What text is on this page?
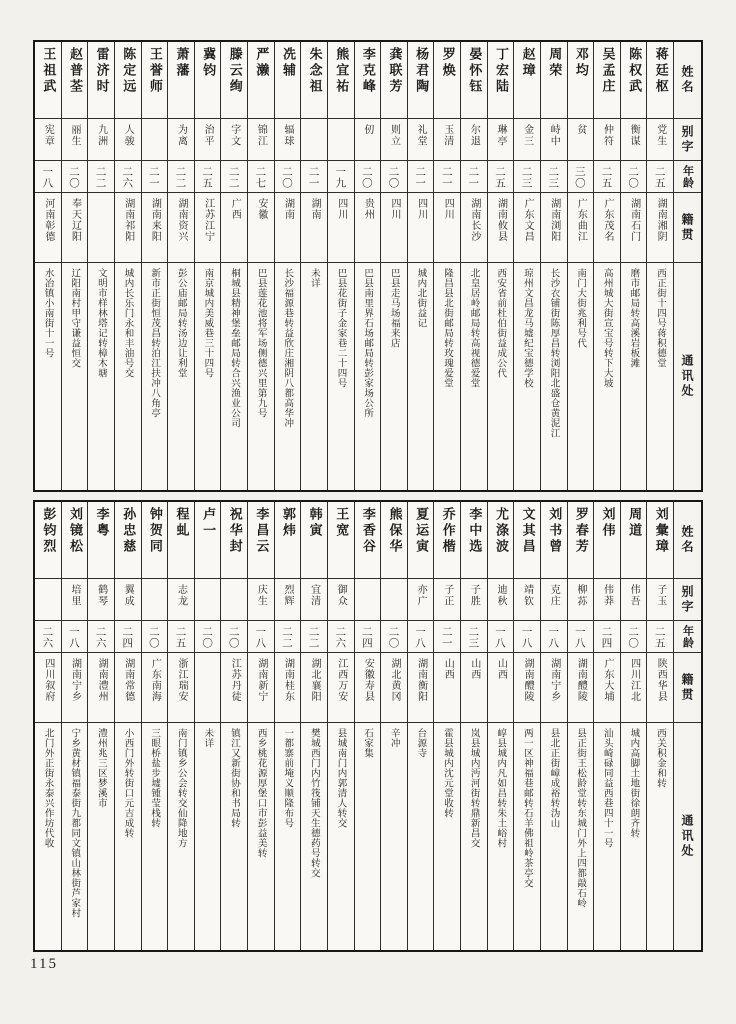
姓名
别字
年龄
籍贯
通讯处
蒋廷枢
党生
二五
湖南湘阴
西正街十四号蒋积德堂
陈权武
衡谋
二〇
湖南石门
磨市邮局转高溪岩板滩
吴孟庄
仲符
二五
广东茂名
高州城大街宣宝号转下大坡
邓均
贫
三〇
广东曲江
南门大街兆利号代
周荣
峙中
二三
湖南浏阳
长沙衣铺街陈厚昌转浏阳北盛仓黄泥江
赵璋
金三
二三
广东文昌
琼州文昌龙马墟纪宝德学校
丁宏陆
琳亭
二五
湖南攸县
西安省前杜伯街益成公代
晏怀钰
尔退
二一
湖南长沙
北皇居岭邮局转高视德爱堂
罗焕
玉清
二一
四川
隆昌县北街邮局转玫瑰爱堂
杨君陶
礼堂
二一
四川
城内北街益记
龚联芳
则立
二〇
四川
巴县走马场福来店
李克峰
仞
二〇
贵州
巴县南里界石场邮局转彭家场公所
熊宜祐
一九
四川
巴县花街子金家巷二十四号
朱念祖
二一
湖南
未详
冼辅
辐球
二〇
湖南
长沙福源巷转益欣庄湘阴八都高华冲
严濑
锦江
二七
安徽
巴县莲花池将军场侧德兴里第九号
滕云绚
字文
二二
广西
桐城县精神堡垒邮局转合兴渔业公司
冀钧
治平
二五
江苏江宁
南京城内美威巷三十四号
萧藩
为离
二二
湖南资兴
彭公庙邮局转汤边让利堂
王誉师
二一
湖南来阳
新市正街恒茂昌转泊江扶冲八角亭
陈定远
人骏
二六
湖南祁阳
城内长乐门永和丰油号交
雷济时
九洲
二二
文明市样林塔记转樟木塘
赵普荃
丽生
二〇
奉天辽阳
辽阳南村甲守谦益恒交
王祖武
宪章
一八
河南彰德
水冶镇小南街十一号
姓名
别字
年龄
籍贯
通讯处
刘彙璋
子玉
二五
陕西华县
西关积金和转
周道
伟吾
二〇
四川江北
城内高脚土地街徐朗齐转
刘伟
伟莽
二四
广东大埔
汕头崎碌同益西巷四十一号
罗春芳
柳荪
一八
湖南醴陵
县正街王松龄堂转东城门外上四都敲石岭
刘书曾
克庄
一八
湖南宁乡
县北正街嶂成裕转沩山
文其昌
靖钦
一八
湖南醴陵
两一区神福巷邮转石羊佛祖岭茶亭交
尤涤波
迪秋
一八
山西
崞县城内凡如昌转朱土峪村
李中选
子胜
二三
山西
岚县城内沔河街转鼎新昌交
乔作楷
子正
二一
山西
霍县城内沈元堂收转
夏运寅
亦广
一八
湖南衡阳
台源寺
熊保华
二〇
湖北黄冈
辛冲
李香谷
二四
安徽寿县
石家集
王宽
御众
二六
江西万安
县城南门内郭清人转交
韩寅
宜清
二二
湖北襄阳
樊城西门内竹筏铺天生德药号转交
郭炜
烈辉
二二
湖南桂东
一都寨前埯义顺隆布号
李昌云
庆生
一八
湖南新宁
西乡桃花源厚堡口市彭益美转
祝华封
二〇
江苏丹徒
镇江又新街协和书局转
卢一
二〇
未详
程虬
志龙
二五
浙江瑞安
南门镇乡公会转交仙降地方
钟贺同
二〇
广东南海
三眼桥盐步墟锺莹栈转
孙忠慈
翼成
二四
湖南常德
小西门外转街口元吉成转
李粤
鹤琴
二六
湖南澧州
澧州兆三区梦溪市
刘镜松
培里
一八
湖南宁乡
宁乡黄材镇福泰街九都同文镇山林街芦家村
彭钧烈
二六
四川叙府
北门外正街永泰兴作坊代收
115
